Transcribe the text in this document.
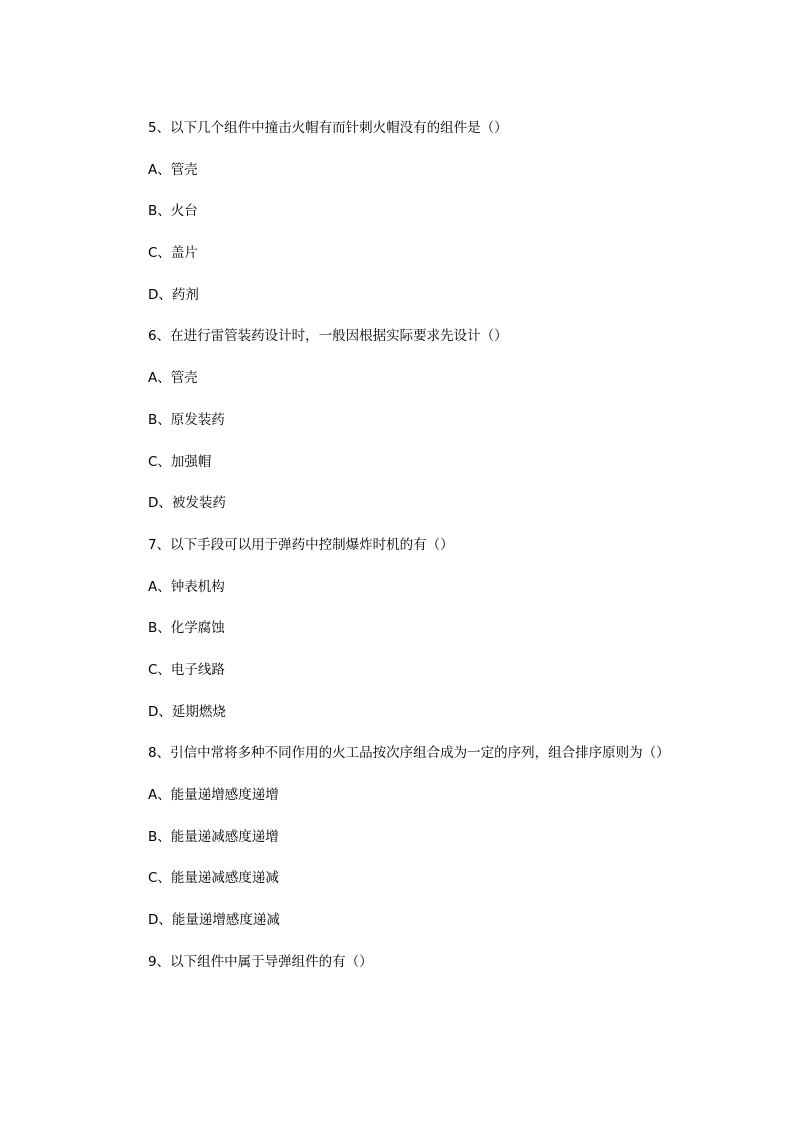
5、以下几个组件中撞击火帽有而针刺火帽没有的组件是（）

A、管壳

B、火台

C、盖片

D、药剂

6、在进行雷管装药设计时，一般因根据实际要求先设计（）

A、管壳

B、原发装药

C、加强帽

D、被发装药

7、以下手段可以用于弹药中控制爆炸时机的有（）

A、钟表机构

B、化学腐蚀

C、电子线路

D、延期燃烧

8、引信中常将多种不同作用的火工品按次序组合成为一定的序列，组合排序原则为（）

A、能量递增感度递增

B、能量递减感度递增

C、能量递减感度递减

D、能量递增感度递减

9、以下组件中属于导弹组件的有（）
